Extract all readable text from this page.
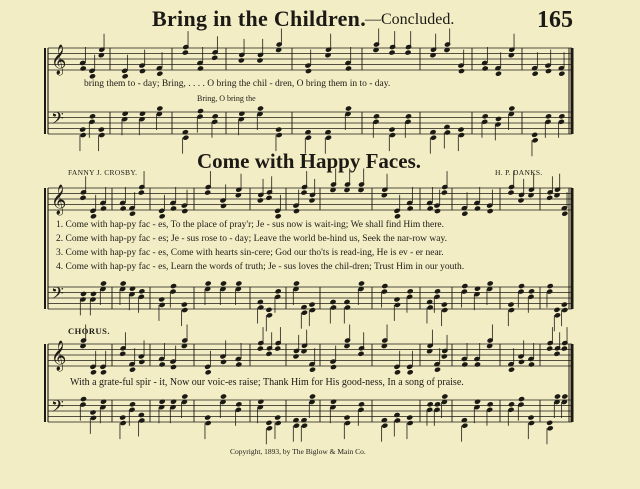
𝄞
𝄢
𝄞
𝄢
𝄞
𝄢
Bring in the Children.
—Concluded.	165
bring them to - day; Bring, . . . . O bring the chil - dren, O bring them in to - day.
Bring, O bring the
Come with Happy Faces.
FANNY J. CROSBY.	H. P. DANKS.
1. Come with hap-py fac - es, To the place of pray'r; Je - sus now is wait-ing; We shall find Him there.
2. Come with hap-py fac - es; Je - sus rose to - day; Leave the world be-hind us, Seek the nar-row way.
3. Come with hap-py fac - es, Come with hearts sin-cere; God our tho'ts is read-ing, He is ev - er near.
4. Come with hap-py fac - es, Learn the words of truth; Je - sus loves the chil-dren; Trust Him in our youth.
CHORUS.
With a grate-ful spir - it, Now our voic-es raise; Thank Him for His good-ness, In a song of praise.
Copyright, 1893, by The Biglow & Main Co.
